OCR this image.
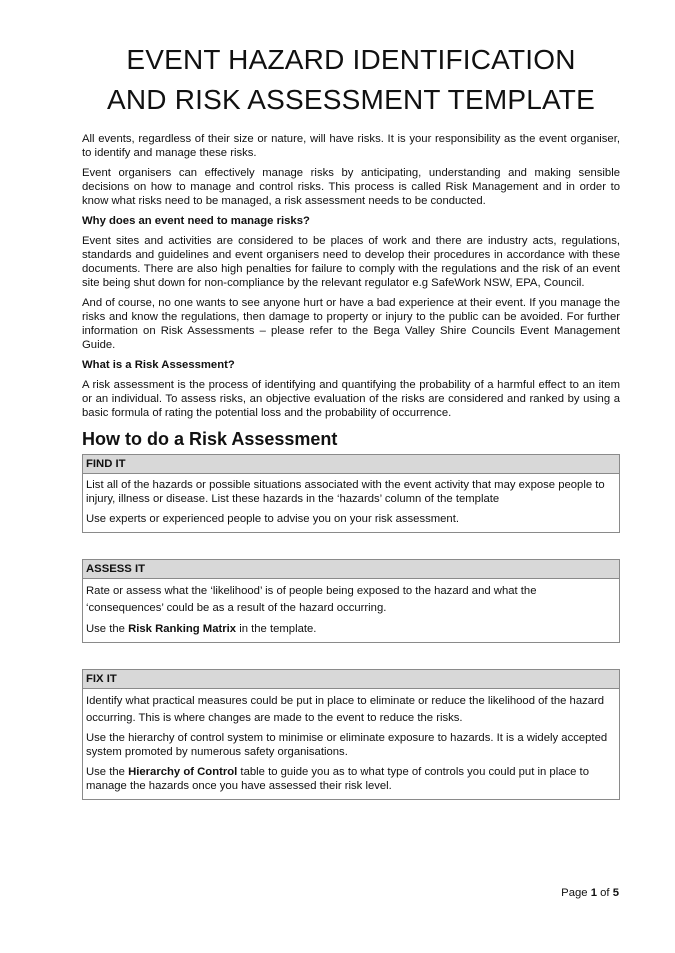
EVENT HAZARD IDENTIFICATION
AND RISK ASSESSMENT TEMPLATE

All events, regardless of their size or nature, will have risks. It is your responsibility as the event organiser, to identify and manage these risks.

Event organisers can effectively manage risks by anticipating, understanding and making sensible decisions on how to manage and control risks. This process is called Risk Management and in order to know what risks need to be managed, a risk assessment needs to be conducted.

Why does an event need to manage risks?

Event sites and activities are considered to be places of work and there are industry acts, regulations, standards and guidelines and event organisers need to develop their procedures in accordance with these documents. There are also high penalties for failure to comply with the regulations and the risk of an event site being shut down for non-compliance by the relevant regulator e.g SafeWork NSW, EPA, Council.

And of course, no one wants to see anyone hurt or have a bad experience at their event. If you manage the risks and know the regulations, then damage to property or injury to the public can be avoided. For further information on Risk Assessments – please refer to the Bega Valley Shire Councils Event Management Guide.

What is a Risk Assessment?

A risk assessment is the process of identifying and quantifying the probability of a harmful effect to an item or an individual. To assess risks, an objective evaluation of the risks are considered and ranked by using a basic formula of rating the potential loss and the probability of occurrence.

How to do a Risk Assessment
FIND IT

List all of the hazards or possible situations associated with the event activity that may expose people to injury, illness or disease. List these hazards in the ‘hazards’ column of the template

Use experts or experienced people to advise you on your risk assessment.

ASSESS IT

Rate or assess what the ‘likelihood’ is of people being exposed to the hazard and what the ‘consequences’ could be as a result of the hazard occurring.

Use the Risk Ranking Matrix in the template.

FIX IT

Identify what practical measures could be put in place to eliminate or reduce the likelihood of the hazard occurring. This is where changes are made to the event to reduce the risks.

Use the hierarchy of control system to minimise or eliminate exposure to hazards. It is a widely accepted system promoted by numerous safety organisations.

Use the Hierarchy of Control table to guide you as to what type of controls you could put in place to manage the hazards once you have assessed their risk level.

Page 1 of 5
